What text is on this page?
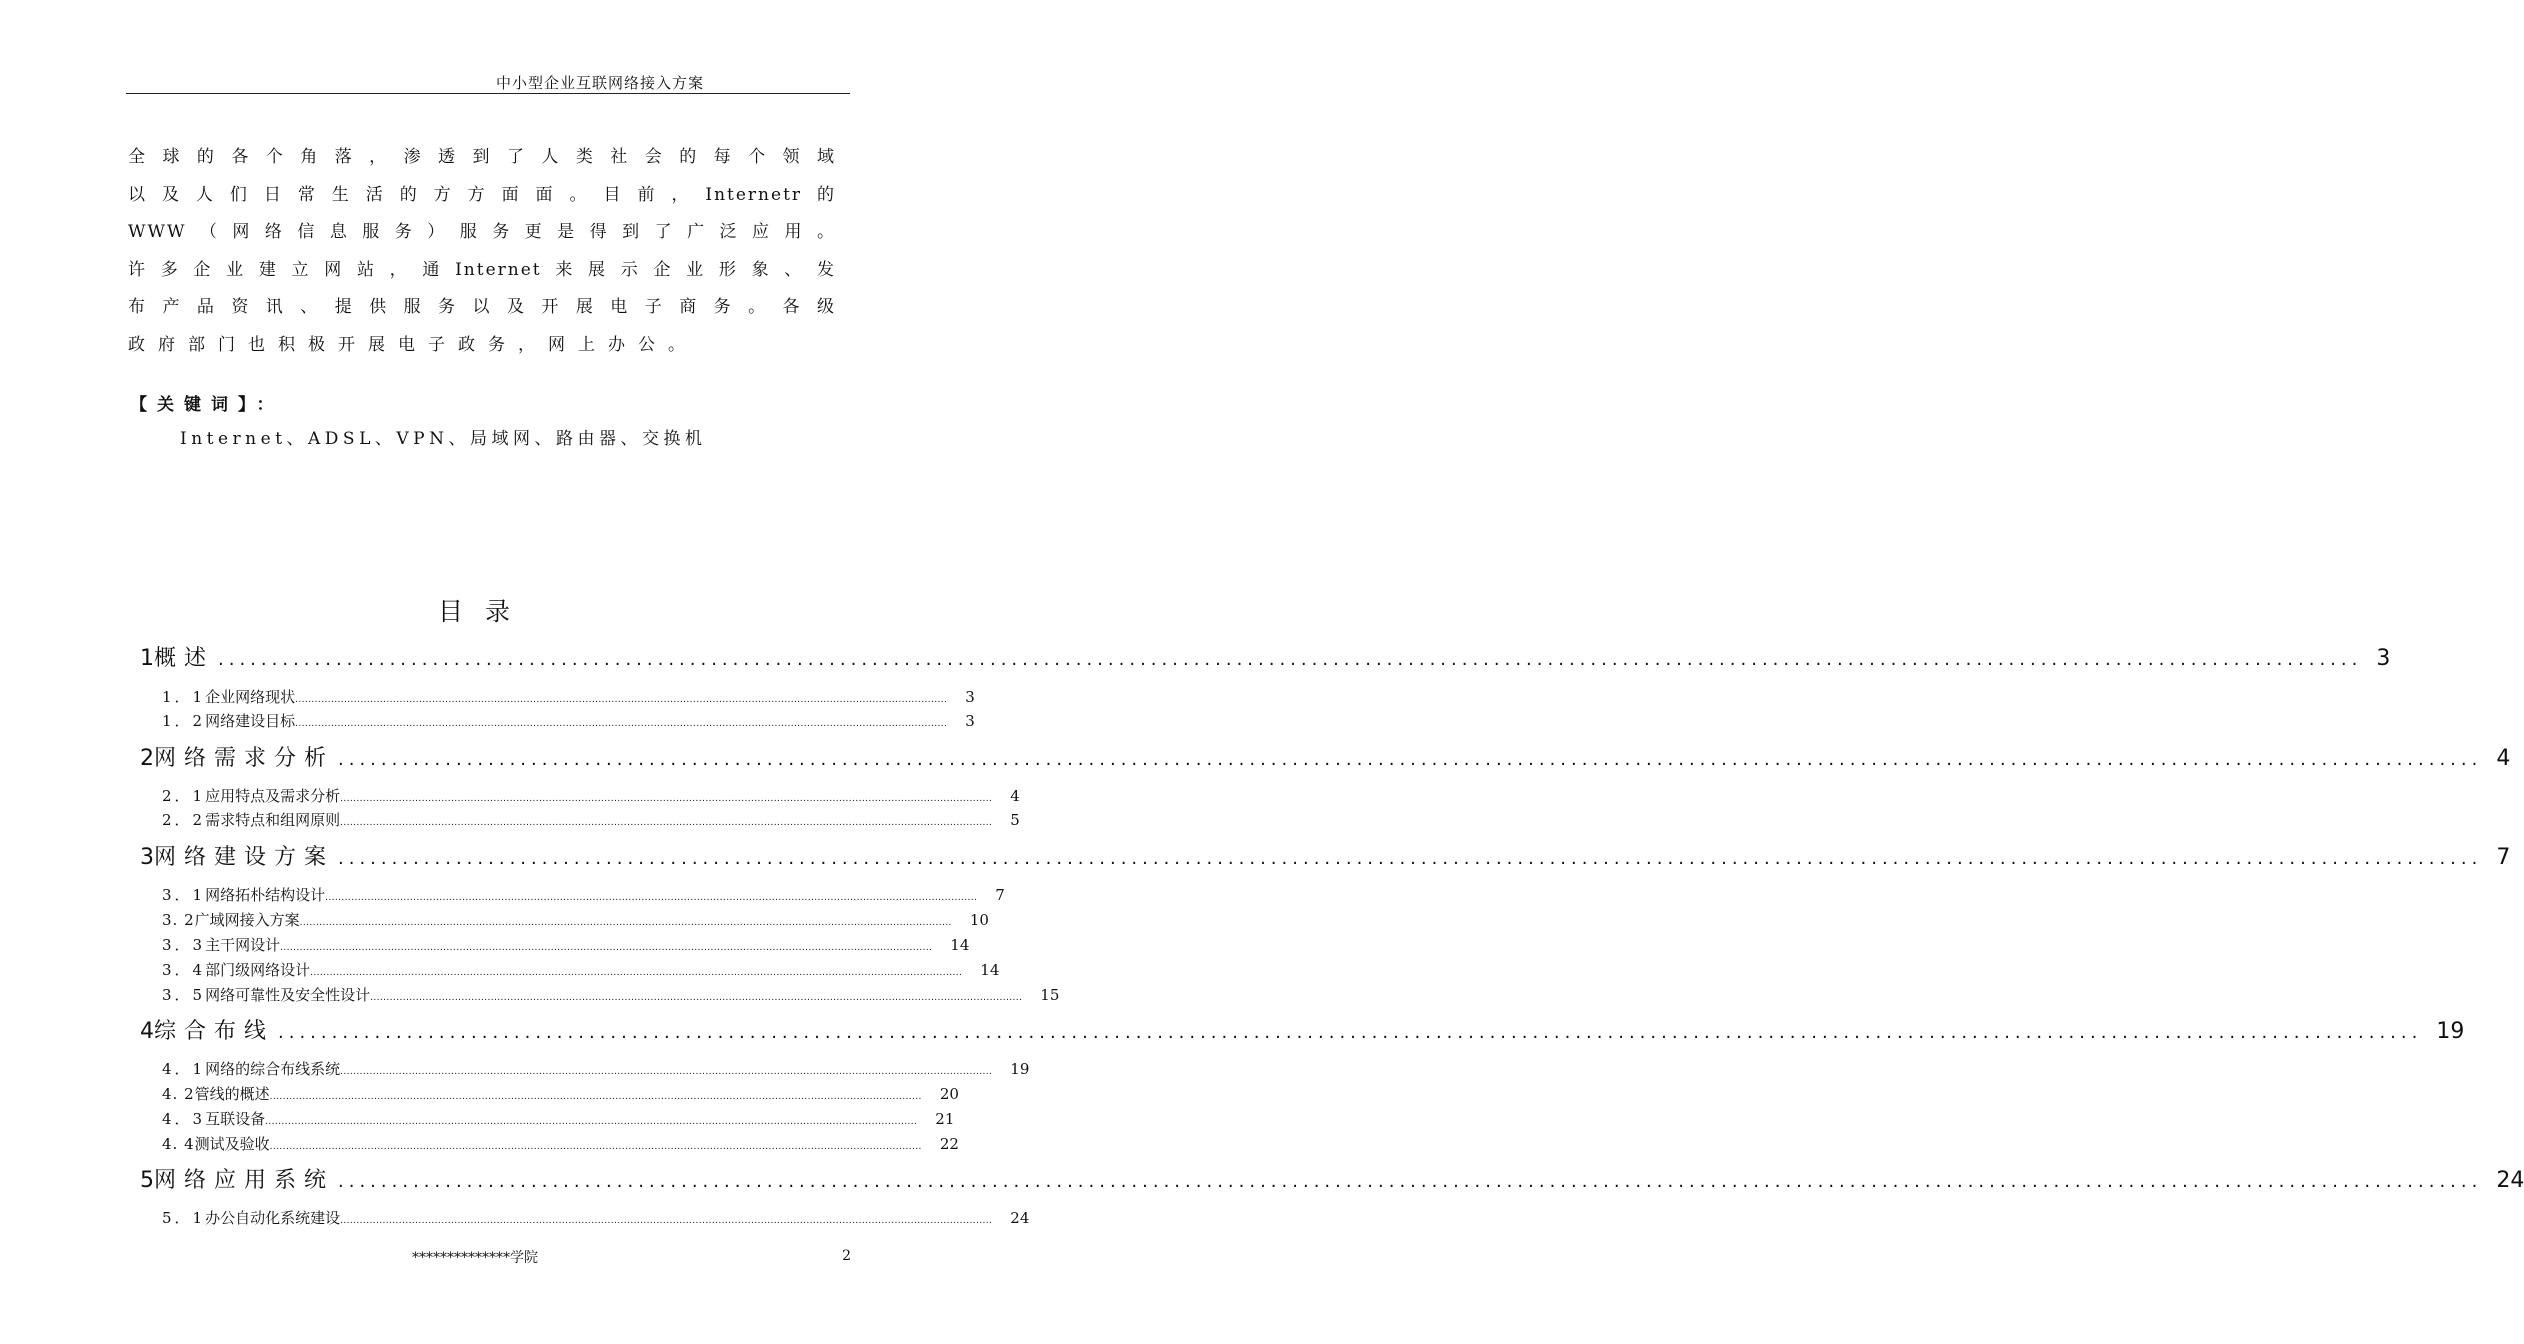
中小型企业互联网络接入方案
全球的各个角落，渗透到了人类社会的每个领域
以及人们日常生活的方方面面。目前，Internetr的
WWW（网络信息服务）服务更是得到了广泛应用。
许多企业建立网站，通Internet来展示企业形象、发
布产品资讯、提供服务以及开展电子商务。各级
政府部门也积极开展电子政务，网上办公。
【关键词】：
Internet、ADSL、VPN、局域网、路由器、交换机
目录
1 概述 ........................................................................................................................................................................................................ 3
1．1 企业网络现状 ........................................................................................................................................................................................................ 3
1．2 网络建设目标 ........................................................................................................................................................................................................ 3
2 网络需求分析 ........................................................................................................................................................................................................ 4
2．1 应用特点及需求分析 ........................................................................................................................................................................................................ 4
2．2 需求特点和组网原则 ........................................................................................................................................................................................................ 5
3 网络建设方案 ........................................................................................................................................................................................................ 7
3．1 网络拓朴结构设计 ........................................................................................................................................................................................................ 7
3. 2 广域网接入方案 ........................................................................................................................................................................................................ 10
3．3 主干网设计 ........................................................................................................................................................................................................ 14
3．4 部门级网络设计 ........................................................................................................................................................................................................ 14
3．5 网络可靠性及安全性设计 ........................................................................................................................................................................................................ 15
4 综合布线 ........................................................................................................................................................................................................ 19
4．1 网络的综合布线系统 ........................................................................................................................................................................................................ 19
4. 2 管线的概述 ........................................................................................................................................................................................................ 20
4．3 互联设备 ........................................................................................................................................................................................................ 21
4. 4 测试及验收 ........................................................................................................................................................................................................ 22
5 网络应用系统 ........................................................................................................................................................................................................ 24
5．1 办公自动化系统建设 ........................................................................................................................................................................................................ 24
**************学院	2
